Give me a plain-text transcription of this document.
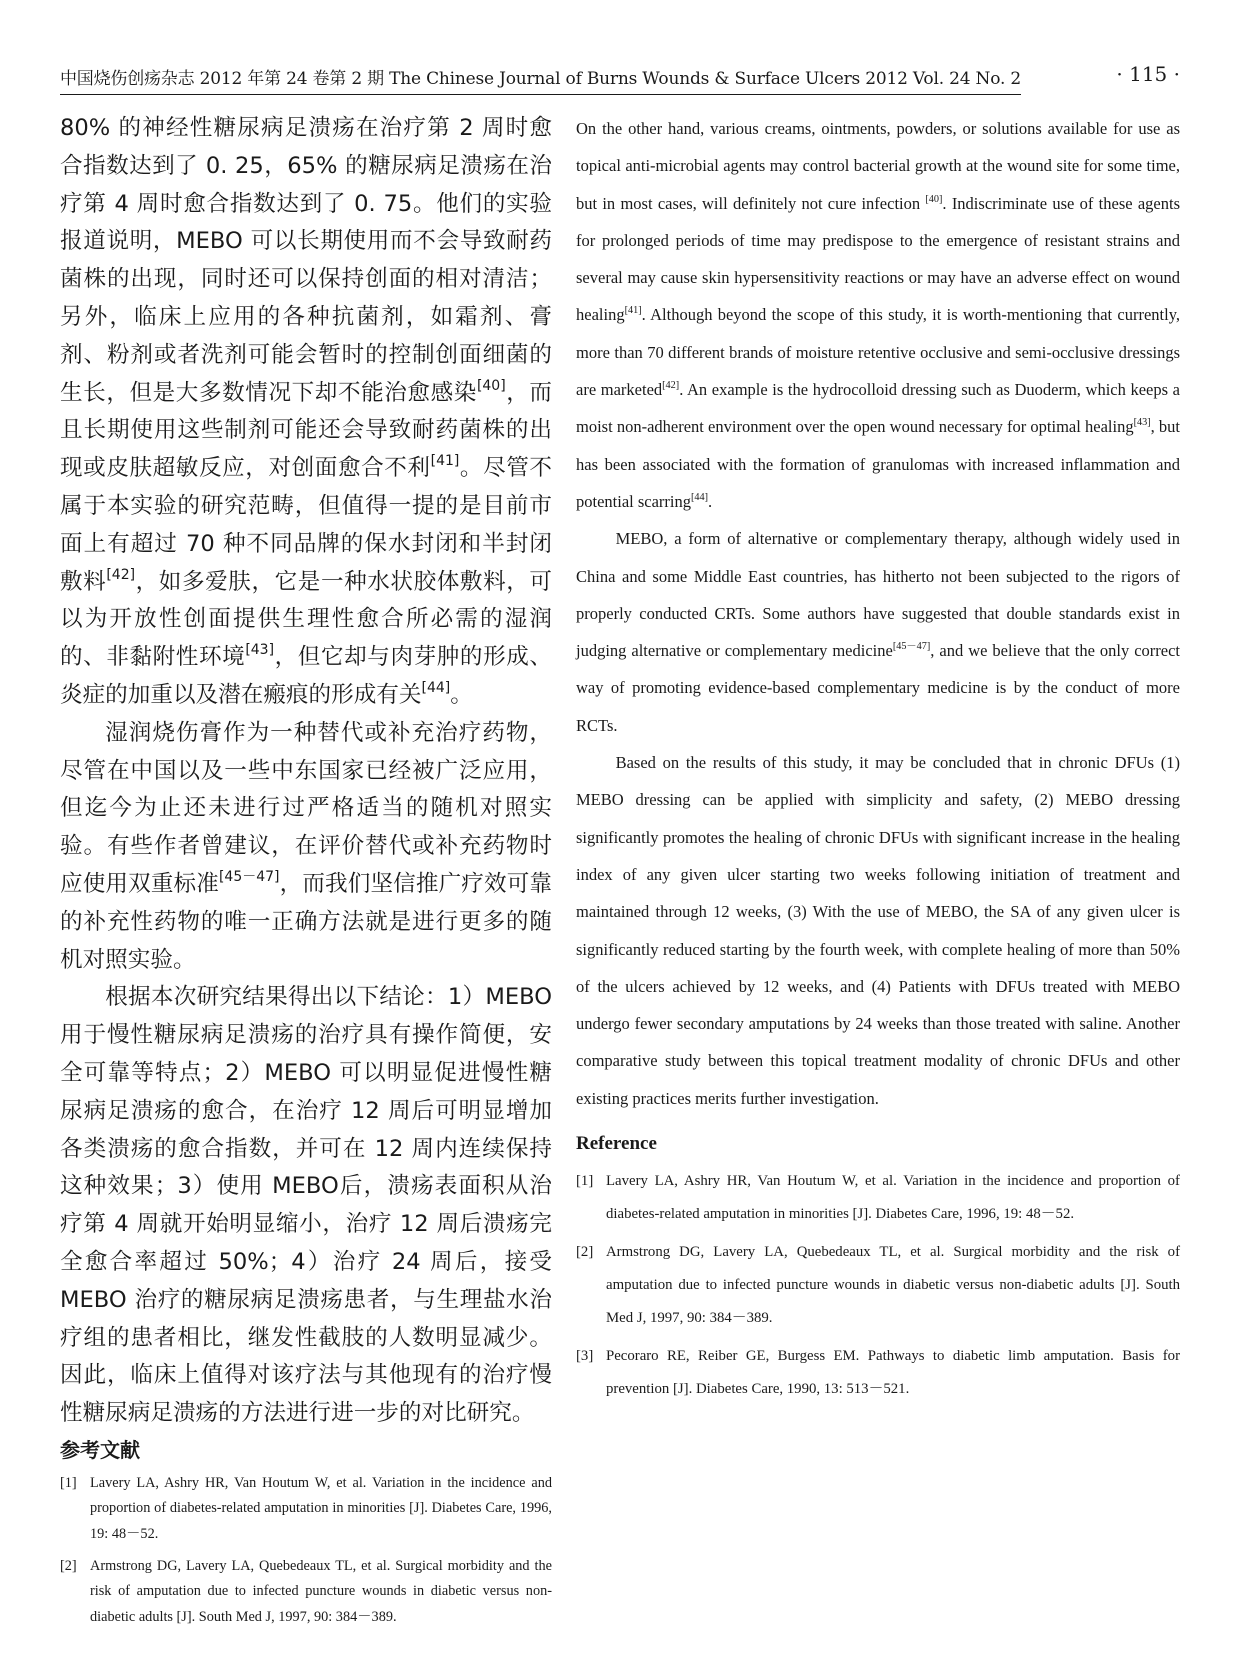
中国烧伤创疡杂志 2012 年第 24 卷第 2 期 The Chinese Journal of Burns Wounds & Surface Ulcers 2012 Vol. 24 No. 2	· 115 ·

80% 的神经性糖尿病足溃疡在治疗第 2 周时愈合指数达到了 0. 25，65% 的糖尿病足溃疡在治疗第 4 周时愈合指数达到了 0. 75。他们的实验报道说明，MEBO 可以长期使用而不会导致耐药菌株的出现，同时还可以保持创面的相对清洁；另外，临床上应用的各种抗菌剂，如霜剂、膏剂、粉剂或者洗剂可能会暂时的控制创面细菌的生长，但是大多数情况下却不能治愈感染[40]，而且长期使用这些制剂可能还会导致耐药菌株的出现或皮肤超敏反应，对创面愈合不利[41]。尽管不属于本实验的研究范畴，但值得一提的是目前市面上有超过 70 种不同品牌的保水封闭和半封闭敷料[42]，如多爱肤，它是一种水状胶体敷料，可以为开放性创面提供生理性愈合所必需的湿润的、非黏附性环境[43]，但它却与肉芽肿的形成、炎症的加重以及潜在瘢痕的形成有关[44]。

湿润烧伤膏作为一种替代或补充治疗药物，尽管在中国以及一些中东国家已经被广泛应用，但迄今为止还未进行过严格适当的随机对照实验。有些作者曾建议，在评价替代或补充药物时应使用双重标准[45－47]，而我们坚信推广疗效可靠的补充性药物的唯一正确方法就是进行更多的随机对照实验。

根据本次研究结果得出以下结论：1）MEBO 用于慢性糖尿病足溃疡的治疗具有操作简便，安全可靠等特点；2）MEBO 可以明显促进慢性糖尿病足溃疡的愈合，在治疗 12 周后可明显增加各类溃疡的愈合指数，并可在 12 周内连续保持这种效果；3）使用 MEBO后，溃疡表面积从治疗第 4 周就开始明显缩小，治疗 12 周后溃疡完全愈合率超过 50%；4）治疗 24 周后，接受 MEBO 治疗的糖尿病足溃疡患者，与生理盐水治疗组的患者相比，继发性截肢的人数明显减少。因此，临床上值得对该疗法与其他现有的治疗慢性糖尿病足溃疡的方法进行进一步的对比研究。

参考文献
[1] Lavery LA, Ashry HR, Van Houtum W, et al. Variation in the incidence and proportion of diabetes-related amputation in minorities [J]. Diabetes Care, 1996, 19: 48－52.
[2] Armstrong DG, Lavery LA, Quebedeaux TL, et al. Surgical morbidity and the risk of amputation due to infected puncture wounds in diabetic versus non-diabetic adults [J]. South Med J, 1997, 90: 384－389.

On the other hand, various creams, ointments, powders, or solutions available for use as topical anti-microbial agents may control bacterial growth at the wound site for some time, but in most cases, will definitely not cure infection [40]. Indiscriminate use of these agents for prolonged periods of time may predispose to the emergence of resistant strains and several may cause skin hypersensitivity reactions or may have an adverse effect on wound healing[41]. Although beyond the scope of this study, it is worth-mentioning that currently, more than 70 different brands of moisture retentive occlusive and semi-occlusive dressings are marketed[42]. An example is the hydrocolloid dressing such as Duoderm, which keeps a moist non-adherent environment over the open wound necessary for optimal healing[43], but has been associated with the formation of granulomas with increased inflammation and potential scarring[44].

MEBO, a form of alternative or complementary therapy, although widely used in China and some Middle East countries, has hitherto not been subjected to the rigors of properly conducted CRTs. Some authors have suggested that double standards exist in judging alternative or complementary medicine[45－47], and we believe that the only correct way of promoting evidence-based complementary medicine is by the conduct of more RCTs.

Based on the results of this study, it may be concluded that in chronic DFUs (1) MEBO dressing can be applied with simplicity and safety, (2) MEBO dressing significantly promotes the healing of chronic DFUs with significant increase in the healing index of any given ulcer starting two weeks following initiation of treatment and maintained through 12 weeks, (3) With the use of MEBO, the SA of any given ulcer is significantly reduced starting by the fourth week, with complete healing of more than 50% of the ulcers achieved by 12 weeks, and (4) Patients with DFUs treated with MEBO undergo fewer secondary amputations by 24 weeks than those treated with saline. Another comparative study between this topical treatment modality of chronic DFUs and other existing practices merits further investigation.

Reference
[1] Lavery LA, Ashry HR, Van Houtum W, et al. Variation in the incidence and proportion of diabetes-related amputation in minorities [J]. Diabetes Care, 1996, 19: 48－52.
[2] Armstrong DG, Lavery LA, Quebedeaux TL, et al. Surgical morbidity and the risk of amputation due to infected puncture wounds in diabetic versus non-diabetic adults [J]. South Med J, 1997, 90: 384－389.
[3] Pecoraro RE, Reiber GE, Burgess EM. Pathways to diabetic limb amputation. Basis for prevention [J]. Diabetes Care, 1990, 13: 513－521.
